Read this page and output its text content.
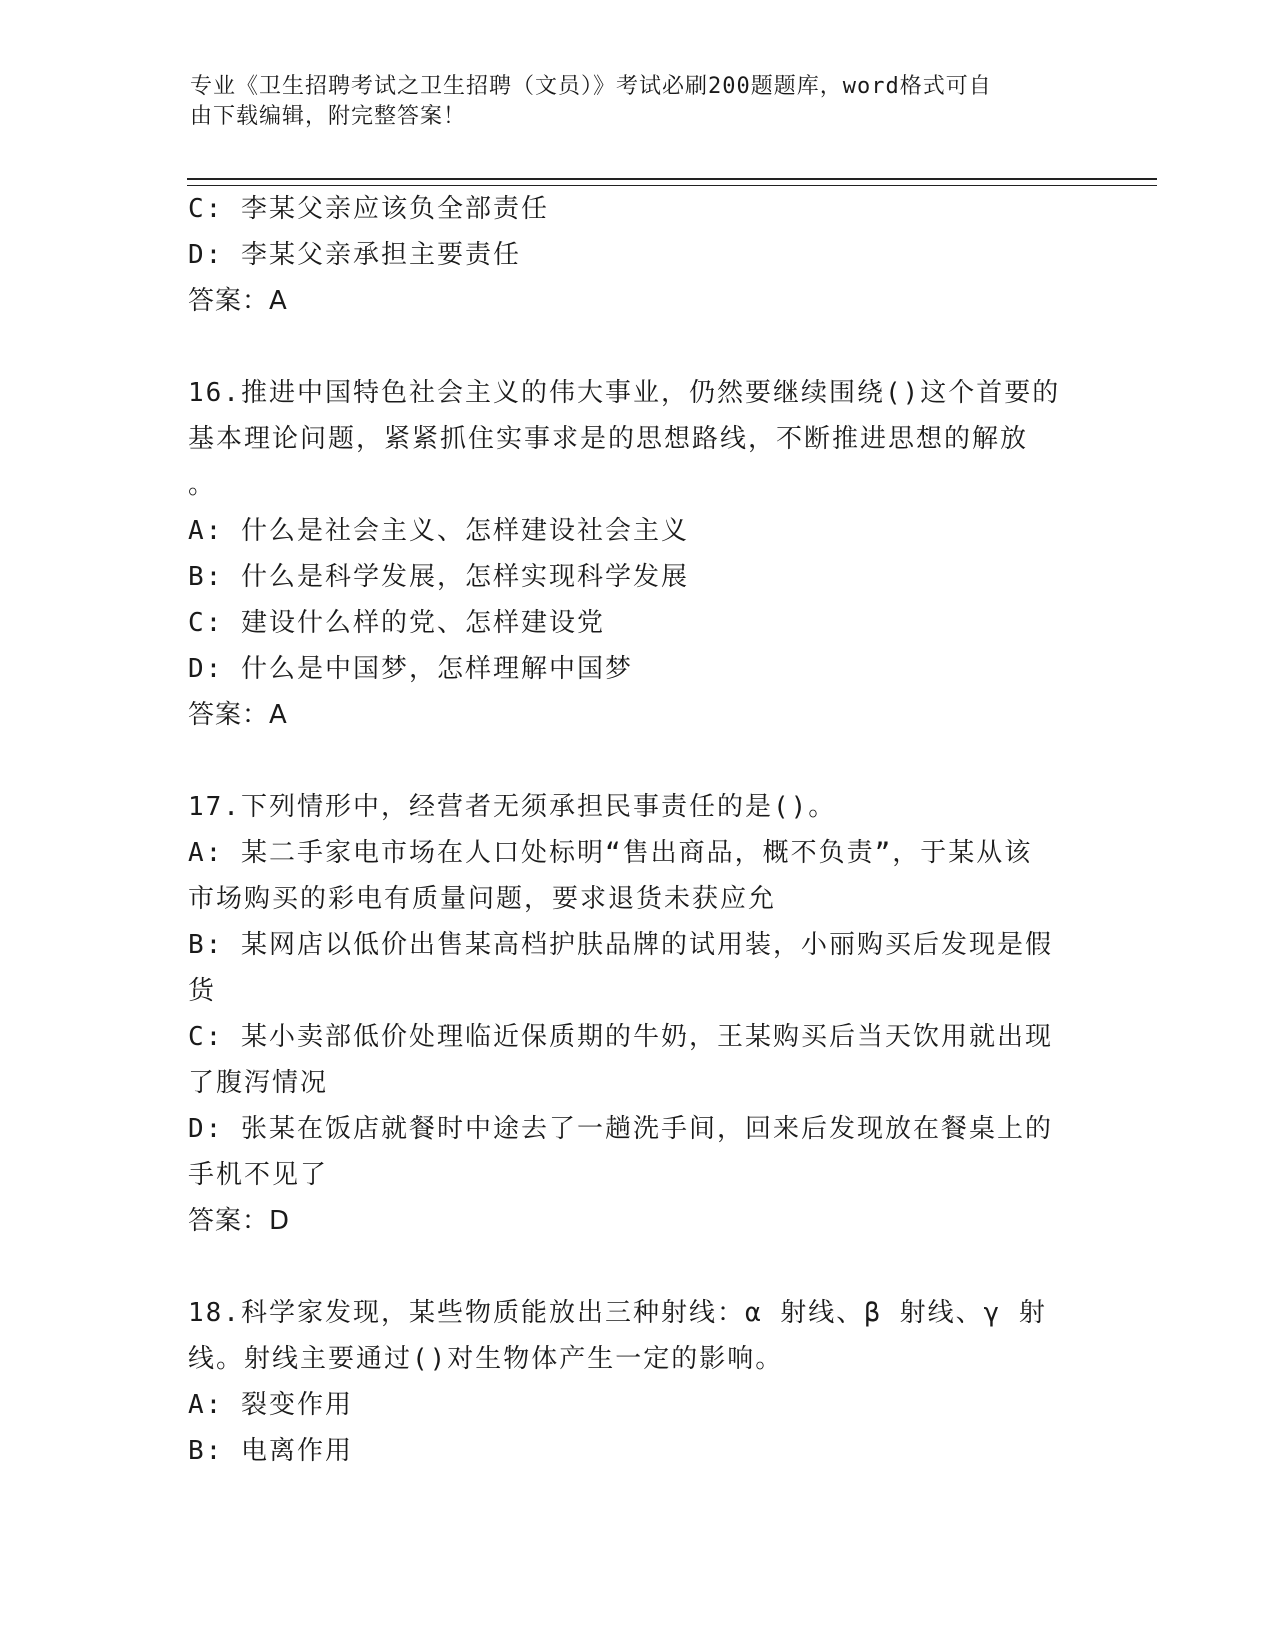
专业《卫生招聘考试之卫生招聘（文员）》考试必刷200题题库，word格式可自
由下载编辑，附完整答案！

C: 李某父亲应该负全部责任

D: 李某父亲承担主要责任

答案：A

16.推进中国特色社会主义的伟大事业，仍然要继续围绕()这个首要的

基本理论问题，紧紧抓住实事求是的思想路线，不断推进思想的解放

。

A: 什么是社会主义、怎样建设社会主义

B: 什么是科学发展，怎样实现科学发展

C: 建设什么样的党、怎样建设党

D: 什么是中国梦，怎样理解中国梦

答案：A

17.下列情形中，经营者无须承担民事责任的是()。

A: 某二手家电市场在人口处标明“售出商品，概不负责”，于某从该

市场购买的彩电有质量问题，要求退货未获应允

B: 某网店以低价出售某高档护肤品牌的试用装，小丽购买后发现是假

货

C: 某小卖部低价处理临近保质期的牛奶，王某购买后当天饮用就出现

了腹泻情况

D: 张某在饭店就餐时中途去了一趟洗手间，回来后发现放在餐桌上的

手机不见了

答案：D

18.科学家发现，某些物质能放出三种射线：α 射线、β 射线、γ 射

线。射线主要通过()对生物体产生一定的影响。

A: 裂变作用

B: 电离作用
